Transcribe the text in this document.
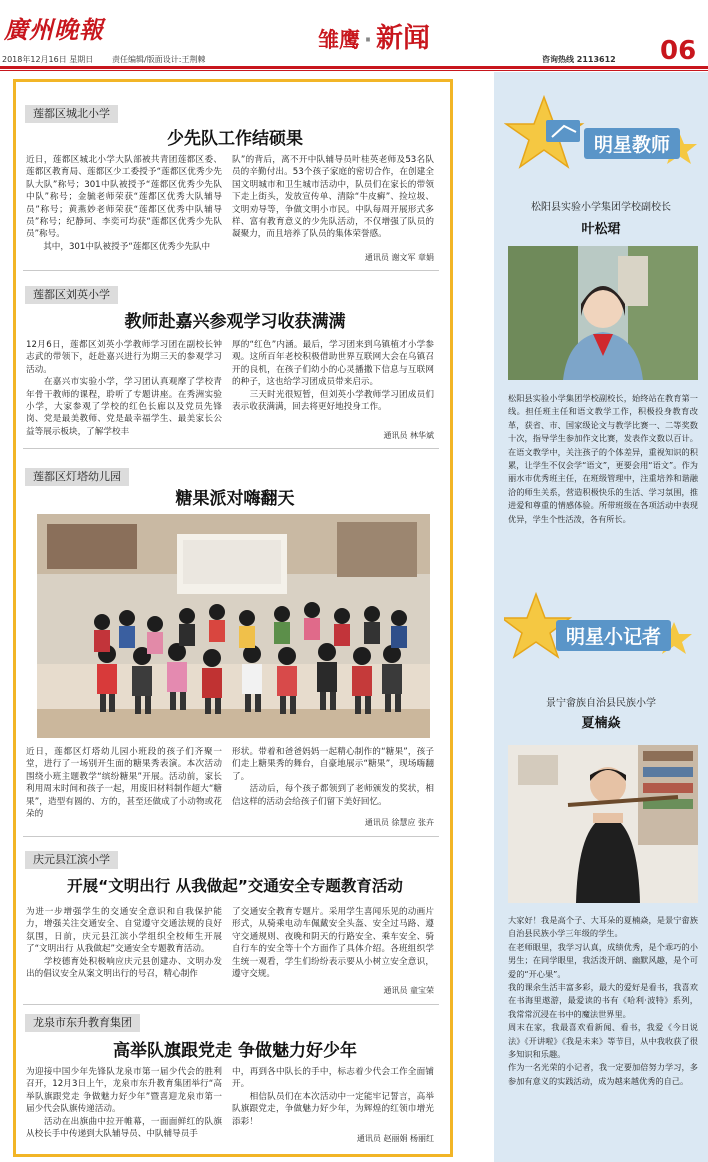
廣州晚報	雏鹰 · 新闻	06
2018年12月16日 星期日 责任编辑/版面设计:王荆棘	咨询热线 2113612
莲都区城北小学
少先队工作结硕果
近日，莲都区城北小学大队部被共青团莲都区委、莲都区教育局、莲都区少工委授予“莲都区优秀少先队大队”称号；301中队被授予“莲都区优秀少先队中队”称号；金毓老师荣获“莲都区优秀大队辅导员”称号；黄燕妙老师荣获“莲都区优秀中队辅导员”称号；纪静珂、李奕可均获“莲都区优秀少先队员”称号。
　　其中，301中队被授予“莲都区优秀少先队中
队”的背后，离不开中队辅导员叶桂英老师及53名队员的辛勤付出。53个孩子家庭的密切合作，在创建全国文明城市和卫生城市活动中，队员们在家长的带领下走上街头，发放宣传单、清除“牛皮癣”、捡垃圾、文明劝导等，争做文明小市民。中队每周开展形式多样、富有教育意义的少先队活动，不仅增强了队员的凝聚力，而且培养了队员的集体荣誉感。
通讯员 谢文军 章娟
莲都区刘英小学
教师赴嘉兴参观学习收获满满
12月6日，莲都区刘英小学教师学习团在副校长钟志武的带领下，赶赴嘉兴进行为期三天的参观学习活动。
　　在嘉兴市实验小学，学习团认真观摩了学校青年骨干教师的课程，聆听了专题讲座。在秀洲实验小学，大家参观了学校的红色长廊以及党员先锋岗、党是最美教师、党是最幸福学生、最美家长公益等展示板块，了解学校丰
厚的“红色”内涵。最后，学习团来到乌镇植才小学参观。这所百年老校积极借助世界互联网大会在乌镇召开的良机，在孩子们幼小的心灵播撒下信息与互联网的种子，这也给学习团成员带来启示。
　　三天时光很短暂，但刘英小学教师学习团成员们表示收获满满，回去将更好地投身工作。
通讯员 林华斌
莲都区灯塔幼儿园
糖果派对嗨翻天
近日，莲都区灯塔幼儿园小班段的孩子们齐聚一堂，进行了一场别开生面的糖果秀表演。本次活动围绕小班主题教学“缤纷糖果”开展。活动前，家长利用周末时间和孩子一起，用废旧材料制作超大“糖果”，造型有圆的、方的，甚至还做成了小动物或花朵的
形状。带着和爸爸妈妈一起精心制作的“糖果”，孩子们走上糖果秀的舞台，自豪地展示“糖果”，现场嗨翻了。
　　活动后，每个孩子都领到了老师颁发的奖状，相信这样的活动会给孩子们留下美好回忆。
通讯员 徐慧应 张卉
庆元县江滨小学
开展“文明出行 从我做起”交通安全专题教育活动
为进一步增强学生的交通安全意识和自我保护能力，增强关注交通安全、自觉遵守交通法规的良好氛围，日前，庆元县江滨小学组织全校师生开展了“文明出行 从我做起”交通安全专题教育活动。
　　学校德育处积极响应庆元县创建办、文明办发出的倡议安全从案文明出行的号召，精心制作
了交通安全教育专题片。采用学生喜闻乐见的动画片形式，从骑乘电动车佩戴安全头盔、安全过马路、遵守交通规则、夜晚和阴天的行路安全、乘车安全、骑自行车的安全等十个方面作了具体介绍。各班组织学生统一观看，学生们纷纷表示要从小树立安全意识，遵守交规。
通讯员 童宝荣
龙泉市东升教育集团
高举队旗跟党走 争做魅力好少年
为迎接中国少年先锋队龙泉市第一届少代会的胜利召开，12月3日上午，龙泉市东升教育集团举行“高举队旗跟党走 争做魅力好少年”暨喜迎龙泉市第一届少代会队旗传递活动。
　　活动在出旗曲中拉开帷幕，一面面鲜红的队旗从校长手中传递到大队辅导员、中队辅导员手
中，再到各中队长的手中，标志着少代会工作全面铺开。
　　相信队员们在本次活动中一定能牢记誓言，高举队旗跟党走，争做魅力好少年，为辉煌的红领巾增光添彩！
通讯员 赵丽娟 杨丽红
明星教师
松阳县实验小学集团学校副校长
叶松珺
松阳县实验小学集团学校副校长，始终站在教育第一线。担任班主任和语文教学工作，积极投身教育改革，获省、市、国家级论文与教学比赛一、二等奖数十次，指导学生参加作文比赛，发表作文数以百计。在语文教学中，关注孩子的个体差异，重视知识的积累，让学生不仅会学“语文”，更要会用“语文”。作为丽水市优秀班主任，在班级管理中，注重培养和谐融洽的师生关系，营造积极快乐的生活、学习氛围，推进爱和尊重的情感体验。所带班级在各项活动中表现优异，学生个性活泼，各有所长。
明星小记者
景宁畲族自治县民族小学
夏楠焱
大家好！我是高个子、大耳朵的夏楠焱，是景宁畲族自治县民族小学三年级的学生。
在老师眼里，我学习认真，成绩优秀，是个乖巧的小男生；在同学眼里，我活泼开朗、幽默风趣，是个可爱的“开心果”。
我的课余生活丰富多彩，最大的爱好是看书，我喜欢在书海里遨游，最爱读的书有《哈利·波特》系列，我常常沉浸在书中的魔法世界里。
周末在家，我最喜欢看新闻、看书，我爱《今日说法》《开讲啦》《我是未来》等节目，从中我收获了很多知识和乐趣。
作为一名光荣的小记者，我一定要加倍努力学习，多参加有意义的实践活动，成为越来越优秀的自己。
